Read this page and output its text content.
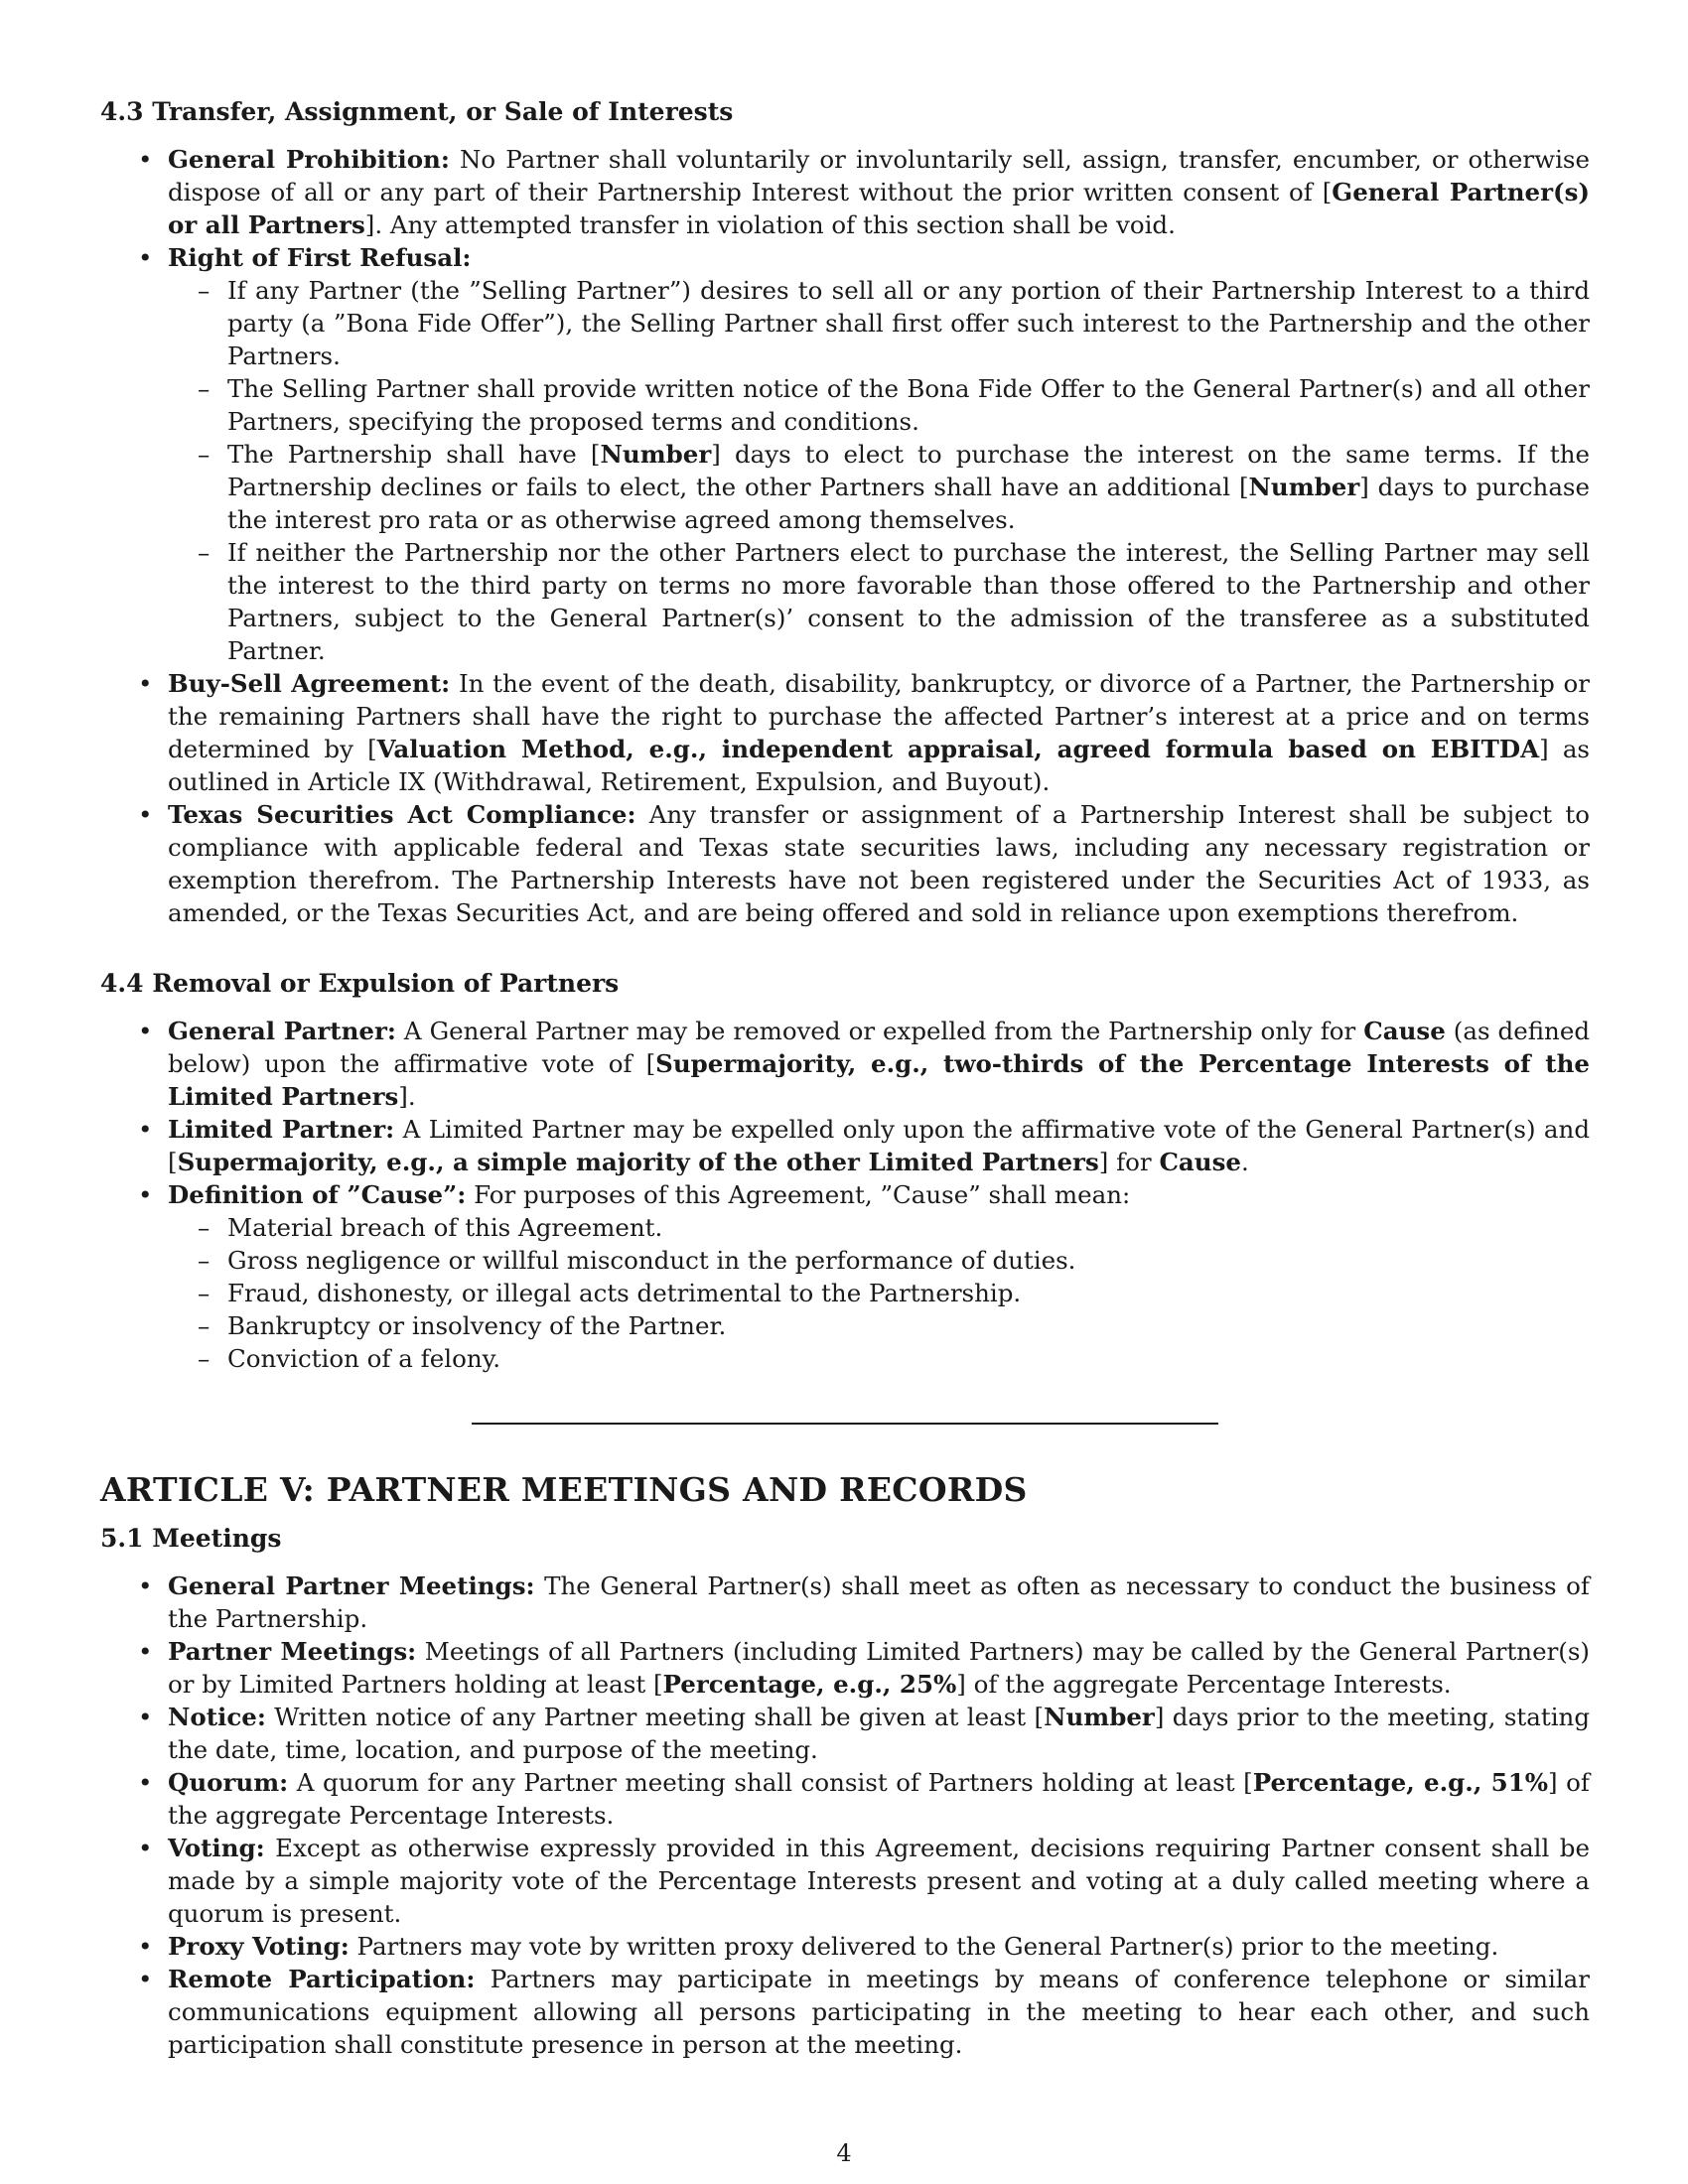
4.3 Transfer, Assignment, or Sale of Interests
• General Prohibition: No Partner shall voluntarily or involuntarily sell, assign, transfer, encumber, or otherwise dispose of all or any part of their Partnership Interest without the prior written consent of [General Partner(s) or all Partners]. Any attempted transfer in violation of this section shall be void.
• Right of First Refusal:
– If any Partner (the ”Selling Partner”) desires to sell all or any portion of their Partnership Interest to a third party (a ”Bona Fide Offer”), the Selling Partner shall first offer such interest to the Partnership and the other Partners.
– The Selling Partner shall provide written notice of the Bona Fide Offer to the General Partner(s) and all other Partners, specifying the proposed terms and conditions.
– The Partnership shall have [Number] days to elect to purchase the interest on the same terms. If the Partnership declines or fails to elect, the other Partners shall have an additional [Number] days to purchase the interest pro rata or as otherwise agreed among themselves.
– If neither the Partnership nor the other Partners elect to purchase the interest, the Selling Partner may sell the interest to the third party on terms no more favorable than those offered to the Partnership and other Partners, subject to the General Partner(s)’ consent to the admission of the transferee as a substituted Partner.
• Buy-Sell Agreement: In the event of the death, disability, bankruptcy, or divorce of a Partner, the Partnership or the remaining Partners shall have the right to purchase the affected Partner’s interest at a price and on terms determined by [Valuation Method, e.g., independent appraisal, agreed formula based on EBITDA] as outlined in Article IX (Withdrawal, Retirement, Expulsion, and Buyout).
• Texas Securities Act Compliance: Any transfer or assignment of a Partnership Interest shall be subject to compliance with applicable federal and Texas state securities laws, including any necessary registration or exemption therefrom. The Partnership Interests have not been registered under the Securities Act of 1933, as amended, or the Texas Securities Act, and are being offered and sold in reliance upon exemptions therefrom.
4.4 Removal or Expulsion of Partners
• General Partner: A General Partner may be removed or expelled from the Partnership only for Cause (as defined below) upon the affirmative vote of [Supermajority, e.g., two-thirds of the Percentage Interests of the Limited Partners].
• Limited Partner: A Limited Partner may be expelled only upon the affirmative vote of the General Partner(s) and [Supermajority, e.g., a simple majority of the other Limited Partners] for Cause.
• Definition of ”Cause”: For purposes of this Agreement, ”Cause” shall mean:
– Material breach of this Agreement.
– Gross negligence or willful misconduct in the performance of duties.
– Fraud, dishonesty, or illegal acts detrimental to the Partnership.
– Bankruptcy or insolvency of the Partner.
– Conviction of a felony.
ARTICLE V: PARTNER MEETINGS AND RECORDS
5.1 Meetings
• General Partner Meetings: The General Partner(s) shall meet as often as necessary to conduct the business of the Partnership.
• Partner Meetings: Meetings of all Partners (including Limited Partners) may be called by the General Partner(s) or by Limited Partners holding at least [Percentage, e.g., 25%] of the aggregate Percentage Interests.
• Notice: Written notice of any Partner meeting shall be given at least [Number] days prior to the meeting, stating the date, time, location, and purpose of the meeting.
• Quorum: A quorum for any Partner meeting shall consist of Partners holding at least [Percentage, e.g., 51%] of the aggregate Percentage Interests.
• Voting: Except as otherwise expressly provided in this Agreement, decisions requiring Partner consent shall be made by a simple majority vote of the Percentage Interests present and voting at a duly called meeting where a quorum is present.
• Proxy Voting: Partners may vote by written proxy delivered to the General Partner(s) prior to the meeting.
• Remote Participation: Partners may participate in meetings by means of conference telephone or similar communications equipment allowing all persons participating in the meeting to hear each other, and such participation shall constitute presence in person at the meeting.
4
